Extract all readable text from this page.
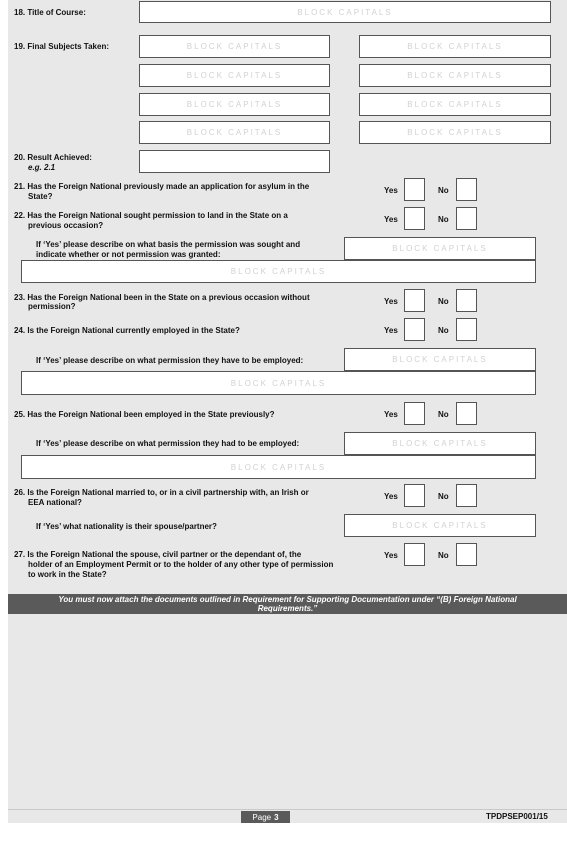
18. Title of Course:	BLOCK CAPITALS
19. Final Subjects Taken:	BLOCK CAPITALS	BLOCK CAPITALS
BLOCK CAPITALS	BLOCK CAPITALS
BLOCK CAPITALS	BLOCK CAPITALS
BLOCK CAPITALS	BLOCK CAPITALS
20. Result Achieved:
e.g. 2.1
21. Has the Foreign National previously made an application for asylum in the
State?
Yes	No
22. Has the Foreign National sought permission to land in the State on a
previous occasion?
Yes	No
If ‘Yes’ please describe on what basis the permission was sought and
indicate whether or not permission was granted:
BLOCK CAPITALS
BLOCK CAPITALS
23. Has the Foreign National been in the State on a previous occasion without
permission?
Yes	No
24. Is the Foreign National currently employed in the State?	Yes	No
If ‘Yes’ please describe on what permission they have to be employed:	BLOCK CAPITALS
BLOCK CAPITALS
25. Has the Foreign National been employed in the State previously?	Yes	No
If ‘Yes’ please describe on what permission they had to be employed:	BLOCK CAPITALS
BLOCK CAPITALS
26. Is the Foreign National married to, or in a civil partnership with, an Irish or
EEA national?
Yes	No
If ‘Yes’ what nationality is their spouse/partner?	BLOCK CAPITALS
27. Is the Foreign National the spouse, civil partner or the dependant of, the
holder of an Employment Permit or to the holder of any other type of permission
to work in the State?
Yes	No
You must now attach the documents outlined in Requirement for Supporting Documentation under “(B) Foreign National
Requirements.”
Page 3	TPDPSEP001/15
